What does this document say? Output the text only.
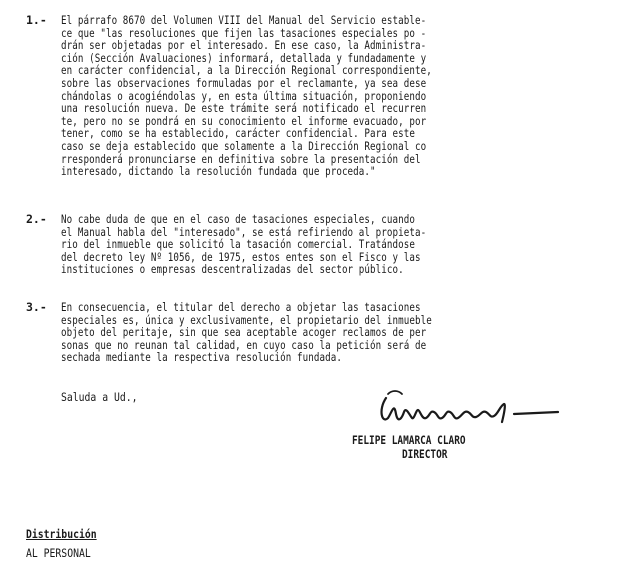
1.- El párrafo 8670 del Volumen VIII del Manual del Servicio estable-
ce que "las resoluciones que fijen las tasaciones especiales po -
drán ser objetadas por el interesado. En ese caso, la Administra-
ción (Sección Avaluaciones) informará, detallada y fundadamente y
en carácter confidencial, a la Dirección Regional correspondiente,
sobre las observaciones formuladas por el reclamante, ya sea dese
chándolas o acogiéndolas y, en esta última situación, proponiendo
una resolución nueva. De este trámite será notificado el recurren
te, pero no se pondrá en su conocimiento el informe evacuado, por
tener, como se ha establecido, carácter confidencial. Para este
caso se deja establecido que solamente a la Dirección Regional co
rresponderá pronunciarse en definitiva sobre la presentación del
interesado, dictando la resolución fundada que proceda."
2.- No cabe duda de que en el caso de tasaciones especiales, cuando
el Manual habla del "interesado", se está refiriendo al propieta-
rio del inmueble que solicitó la tasación comercial. Tratándose
del decreto ley Nº 1056, de 1975, estos entes son el Fisco y las
instituciones o empresas descentralizadas del sector público.
3.- En consecuencia, el titular del derecho a objetar las tasaciones
especiales es, única y exclusivamente, el propietario del inmueble
objeto del peritaje, sin que sea aceptable acoger reclamos de per
sonas que no reunan tal calidad, en cuyo caso la petición será de
sechada mediante la respectiva resolución fundada.
Saluda a Ud.,
FELIPE LAMARCA CLARO
DIRECTOR
Distribución
AL PERSONAL
